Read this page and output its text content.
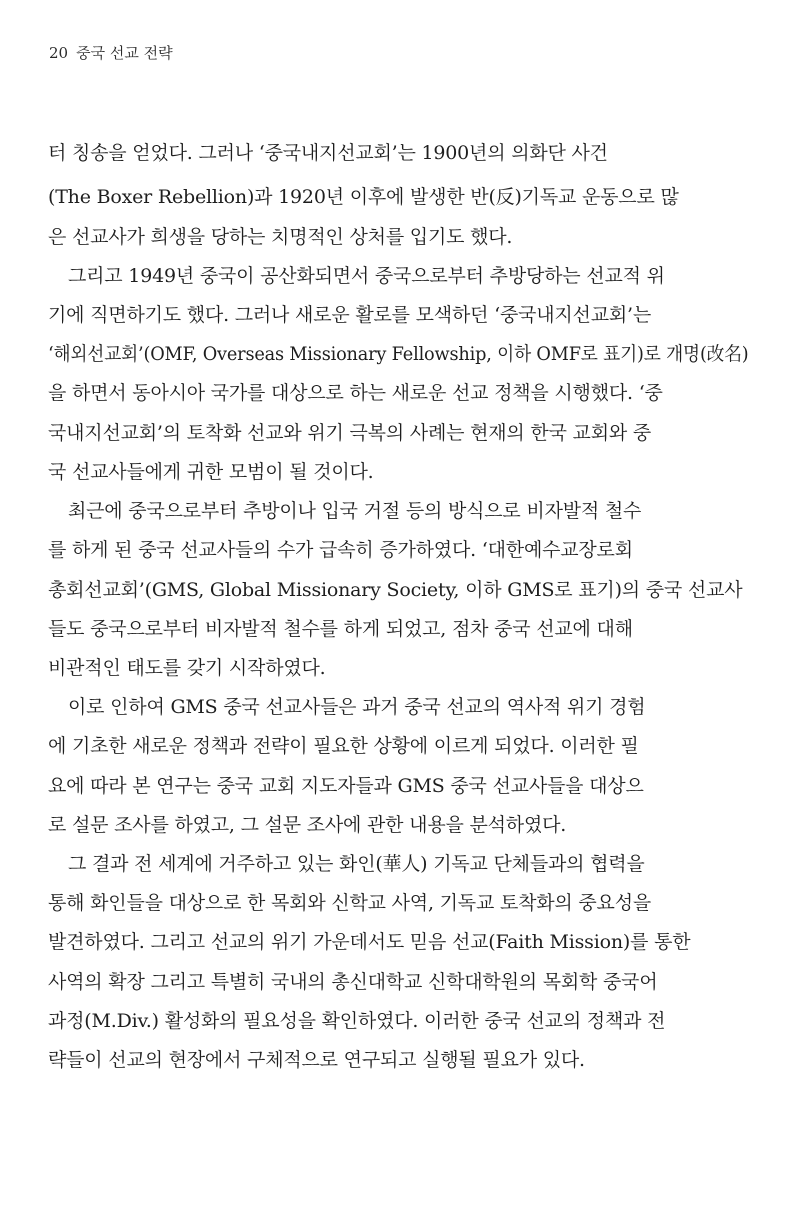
20 중국 선교 전략
터 칭송을 얻었다. 그러나 ‘중국내지선교회’는 1900년의 의화단 사건
(The Boxer Rebellion)과 1920년 이후에 발생한 반(反)기독교 운동으로 많
은 선교사가 희생을 당하는 치명적인 상처를 입기도 했다.
그리고 1949년 중국이 공산화되면서 중국으로부터 추방당하는 선교적 위
기에 직면하기도 했다. 그러나 새로운 활로를 모색하던 ‘중국내지선교회’는
‘해외선교회’(OMF, Overseas Missionary Fellowship, 이하 OMF로 표기)로 개명(改名)
을 하면서 동아시아 국가를 대상으로 하는 새로운 선교 정책을 시행했다. ‘중
국내지선교회’의 토착화 선교와 위기 극복의 사례는 현재의 한국 교회와 중
국 선교사들에게 귀한 모범이 될 것이다.
최근에 중국으로부터 추방이나 입국 거절 등의 방식으로 비자발적 철수
를 하게 된 중국 선교사들의 수가 급속히 증가하였다. ‘대한예수교장로회
총회선교회’(GMS, Global Missionary Society, 이하 GMS로 표기)의 중국 선교사
들도 중국으로부터 비자발적 철수를 하게 되었고, 점차 중국 선교에 대해
비관적인 태도를 갖기 시작하였다.
이로 인하여 GMS 중국 선교사들은 과거 중국 선교의 역사적 위기 경험
에 기초한 새로운 정책과 전략이 필요한 상황에 이르게 되었다. 이러한 필
요에 따라 본 연구는 중국 교회 지도자들과 GMS 중국 선교사들을 대상으
로 설문 조사를 하였고, 그 설문 조사에 관한 내용을 분석하였다.
그 결과 전 세계에 거주하고 있는 화인(華人) 기독교 단체들과의 협력을
통해 화인들을 대상으로 한 목회와 신학교 사역, 기독교 토착화의 중요성을
발견하였다. 그리고 선교의 위기 가운데서도 믿음 선교(Faith Mission)를 통한
사역의 확장 그리고 특별히 국내의 총신대학교 신학대학원의 목회학 중국어
과정(M.Div.) 활성화의 필요성을 확인하였다. 이러한 중국 선교의 정책과 전
략들이 선교의 현장에서 구체적으로 연구되고 실행될 필요가 있다.
